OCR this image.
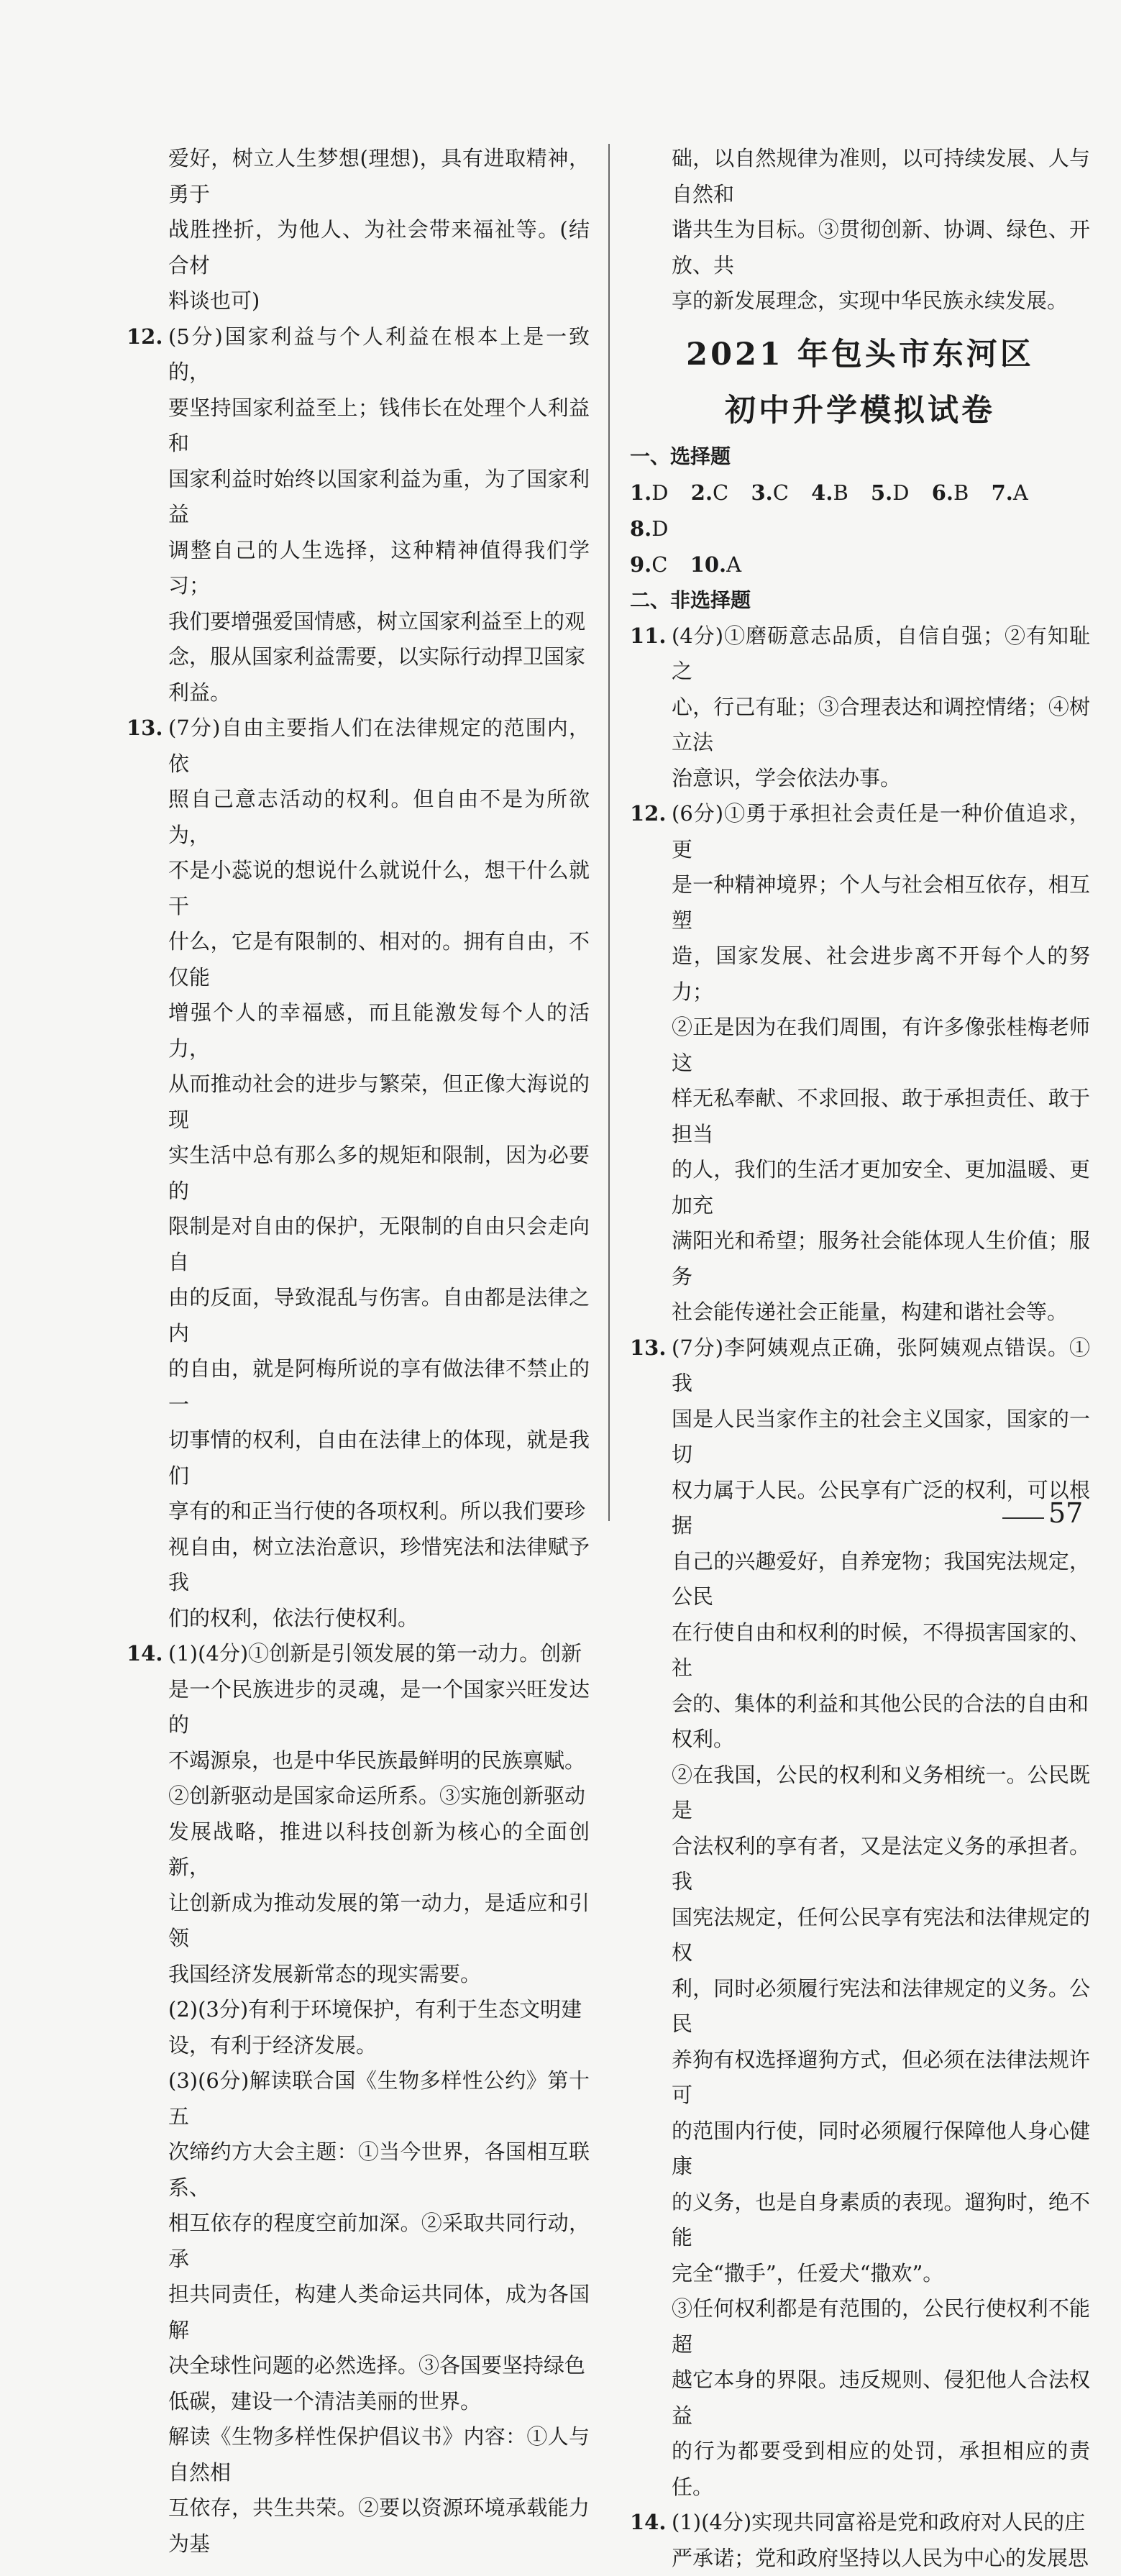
爱好，树立人生梦想(理想)，具有进取精神，勇于
战胜挫折，为他人、为社会带来福祉等。(结合材
料谈也可)
12. (5分)国家利益与个人利益在根本上是一致的，
要坚持国家利益至上；钱伟长在处理个人利益和
国家利益时始终以国家利益为重，为了国家利益
调整自己的人生选择，这种精神值得我们学习；
我们要增强爱国情感，树立国家利益至上的观
念，服从国家利益需要，以实际行动捍卫国家
利益。
13. (7分)自由主要指人们在法律规定的范围内，依
照自己意志活动的权利。但自由不是为所欲为，
不是小蕊说的想说什么就说什么，想干什么就干
什么，它是有限制的、相对的。拥有自由，不仅能
增强个人的幸福感，而且能激发每个人的活力，
从而推动社会的进步与繁荣，但正像大海说的现
实生活中总有那么多的规矩和限制，因为必要的
限制是对自由的保护，无限制的自由只会走向自
由的反面，导致混乱与伤害。自由都是法律之内
的自由，就是阿梅所说的享有做法律不禁止的一
切事情的权利，自由在法律上的体现，就是我们
享有的和正当行使的各项权利。所以我们要珍
视自由，树立法治意识，珍惜宪法和法律赋予我
们的权利，依法行使权利。
14. (1)(4分)①创新是引领发展的第一动力。创新
是一个民族进步的灵魂，是一个国家兴旺发达的
不竭源泉，也是中华民族最鲜明的民族禀赋。
②创新驱动是国家命运所系。③实施创新驱动
发展战略，推进以科技创新为核心的全面创新，
让创新成为推动发展的第一动力，是适应和引领
我国经济发展新常态的现实需要。
(2)(3分)有利于环境保护，有利于生态文明建
设，有利于经济发展。
(3)(6分)解读联合国《生物多样性公约》第十五
次缔约方大会主题：①当今世界，各国相互联系、
相互依存的程度空前加深。②采取共同行动，承
担共同责任，构建人类命运共同体，成为各国解
决全球性问题的必然选择。③各国要坚持绿色
低碳，建设一个清洁美丽的世界。
解读《生物多样性保护倡议书》内容：①人与自然相
互依存，共生共荣。②要以资源环境承载能力为基
础，以自然规律为准则，以可持续发展、人与自然和
谐共生为目标。③贯彻创新、协调、绿色、开放、共
享的新发展理念，实现中华民族永续发展。
2021 年包头市东河区
初中升学模拟试卷
一、选择题
1.D 2.C 3.C 4.B 5.D 6.B 7.A 8.D
9.C 10.A
二、非选择题
11. (4分)①磨砺意志品质，自信自强；②有知耻之
心，行己有耻；③合理表达和调控情绪；④树立法
治意识，学会依法办事。
12. (6分)①勇于承担社会责任是一种价值追求，更
是一种精神境界；个人与社会相互依存，相互塑
造，国家发展、社会进步离不开每个人的努力；
②正是因为在我们周围，有许多像张桂梅老师这
样无私奉献、不求回报、敢于承担责任、敢于担当
的人，我们的生活才更加安全、更加温暖、更加充
满阳光和希望；服务社会能体现人生价值；服务
社会能传递社会正能量，构建和谐社会等。
13. (7分)李阿姨观点正确，张阿姨观点错误。①我
国是人民当家作主的社会主义国家，国家的一切
权力属于人民。公民享有广泛的权利，可以根据
自己的兴趣爱好，自养宠物；我国宪法规定，公民
在行使自由和权利的时候，不得损害国家的、社
会的、集体的利益和其他公民的合法的自由和
权利。
②在我国，公民的权利和义务相统一。公民既是
合法权利的享有者，又是法定义务的承担者。我
国宪法规定，任何公民享有宪法和法律规定的权
利，同时必须履行宪法和法律规定的义务。公民
养狗有权选择遛狗方式，但必须在法律法规许可
的范围内行使，同时必须履行保障他人身心健康
的义务，也是自身素质的表现。遛狗时，绝不能
完全“撒手”，任爱犬“撒欢”。
③任何权利都是有范围的，公民行使权利不能超
越它本身的界限。违反规则、侵犯他人合法权益
的行为都要受到相应的处罚，承担相应的责任。
14. (1)(4分)实现共同富裕是党和政府对人民的庄
严承诺；党和政府坚持以人民为中心的发展思
57
